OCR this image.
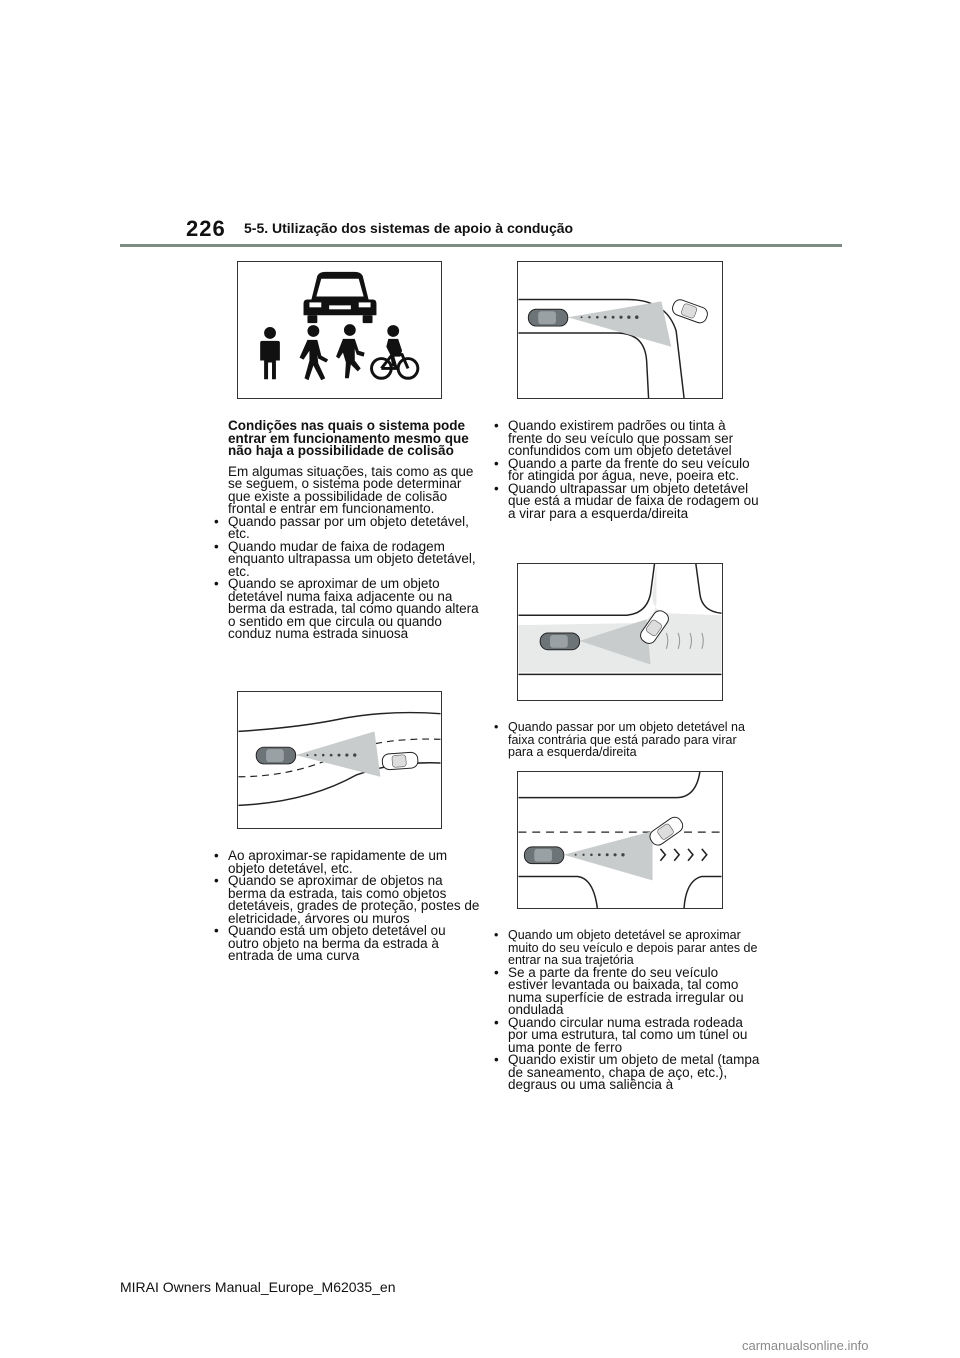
226 5-5. Utilização dos sistemas de apoio à condução

Condições nas quais o sistema pode entrar em funcionamento mesmo que não haja a possibilidade de colisão

Em algumas situações, tais como as que se seguem, o sistema pode determinar que existe a possibilidade de colisão frontal e entrar em funcionamento.

• Quando passar por um objeto detetável, etc.
• Quando mudar de faixa de rodagem enquanto ultrapassa um objeto detetável, etc.
• Quando se aproximar de um objeto detetável numa faixa adjacente ou na berma da estrada, tal como quando altera o sentido em que circula ou quando conduz numa estrada sinuosa
• Ao aproximar-se rapidamente de um objeto detetável, etc.
• Quando se aproximar de objetos na berma da estrada, tais como objetos detetáveis, grades de proteção, postes de eletricidade, árvores ou muros
• Quando está um objeto detetável ou outro objeto na berma da estrada à entrada de uma curva
• Quando existirem padrões ou tinta à frente do seu veículo que possam ser confundidos com um objeto detetável
• Quando a parte da frente do seu veículo for atingida por água, neve, poeira etc.
• Quando ultrapassar um objeto detetável que está a mudar de faixa de rodagem ou a virar para a esquerda/direita
• Quando passar por um objeto detetável na faixa contrária que está parado para virar para a esquerda/direita
• Quando um objeto detetável se aproximar muito do seu veículo e depois parar antes de entrar na sua trajetória
• Se a parte da frente do seu veículo estiver levantada ou baixada, tal como numa superfície de estrada irregular ou ondulada
• Quando circular numa estrada rodeada por uma estrutura, tal como um túnel ou uma ponte de ferro
• Quando existir um objeto de metal (tampa de saneamento, chapa de aço, etc.), degraus ou uma saliência à
MIRAI Owners Manual_Europe_M62035_en
carmanualsonline.info
